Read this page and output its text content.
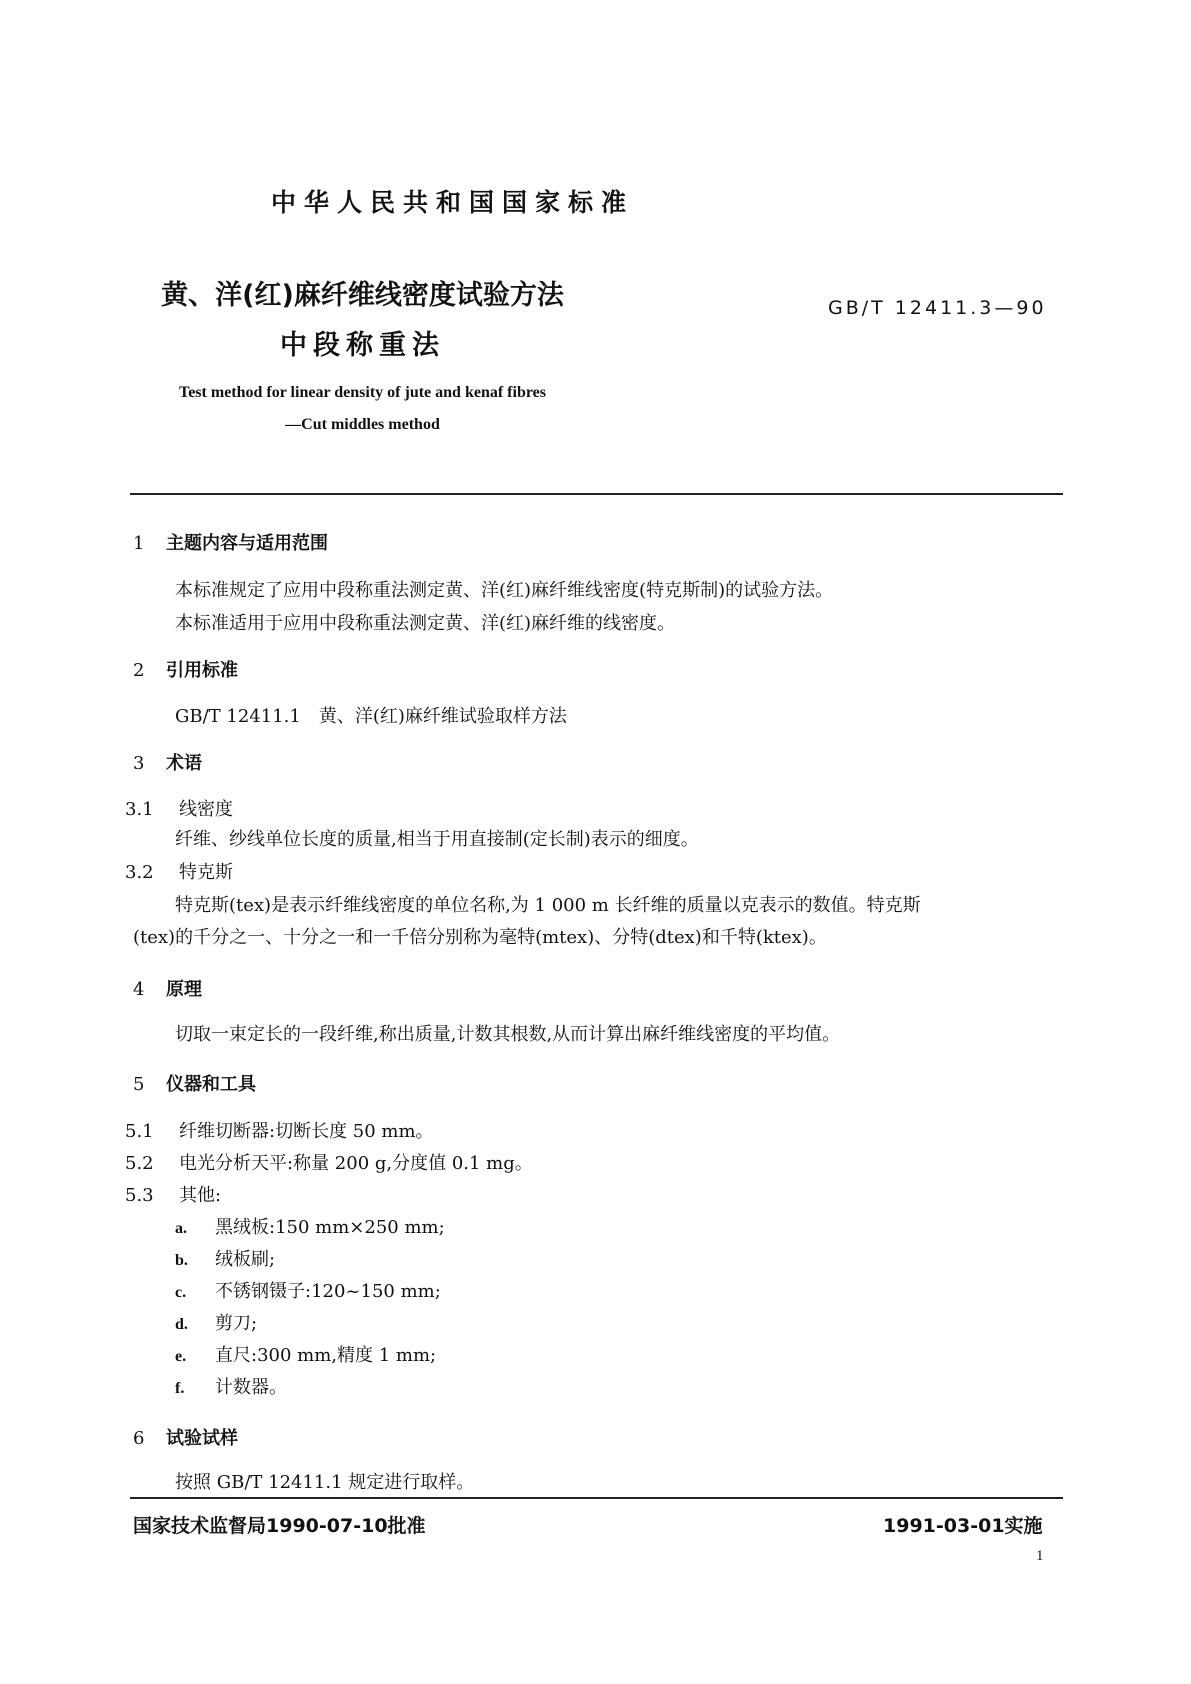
中华人民共和国国家标准
黄、洋(红)麻纤维线密度试验方法
中段称重法
GB/T 12411.3—90
Test method for linear density of jute and kenaf fibres
—Cut middles method
1 主题内容与适用范围
本标准规定了应用中段称重法测定黄、洋(红)麻纤维线密度(特克斯制)的试验方法。
本标准适用于应用中段称重法测定黄、洋(红)麻纤维的线密度。
2 引用标准
GB/T 12411.1 黄、洋(红)麻纤维试验取样方法
3 术语
3.1 线密度
纤维、纱线单位长度的质量,相当于用直接制(定长制)表示的细度。
3.2 特克斯
特克斯(tex)是表示纤维线密度的单位名称,为 1 000 m 长纤维的质量以克表示的数值。特克斯
(tex)的千分之一、十分之一和一千倍分别称为毫特(mtex)、分特(dtex)和千特(ktex)。
4 原理
切取一束定长的一段纤维,称出质量,计数其根数,从而计算出麻纤维线密度的平均值。
5 仪器和工具
5.1 纤维切断器:切断长度 50 mm。
5.2 电光分析天平:称量 200 g,分度值 0.1 mg。
5.3 其他:
a. 黑绒板:150 mm×250 mm;
b. 绒板刷;
c. 不锈钢镊子:120~150 mm;
d. 剪刀;
e. 直尺:300 mm,精度 1 mm;
f. 计数器。
6 试验试样
按照 GB/T 12411.1 规定进行取样。
国家技术监督局1990-07-10批准	1991-03-01实施
1
